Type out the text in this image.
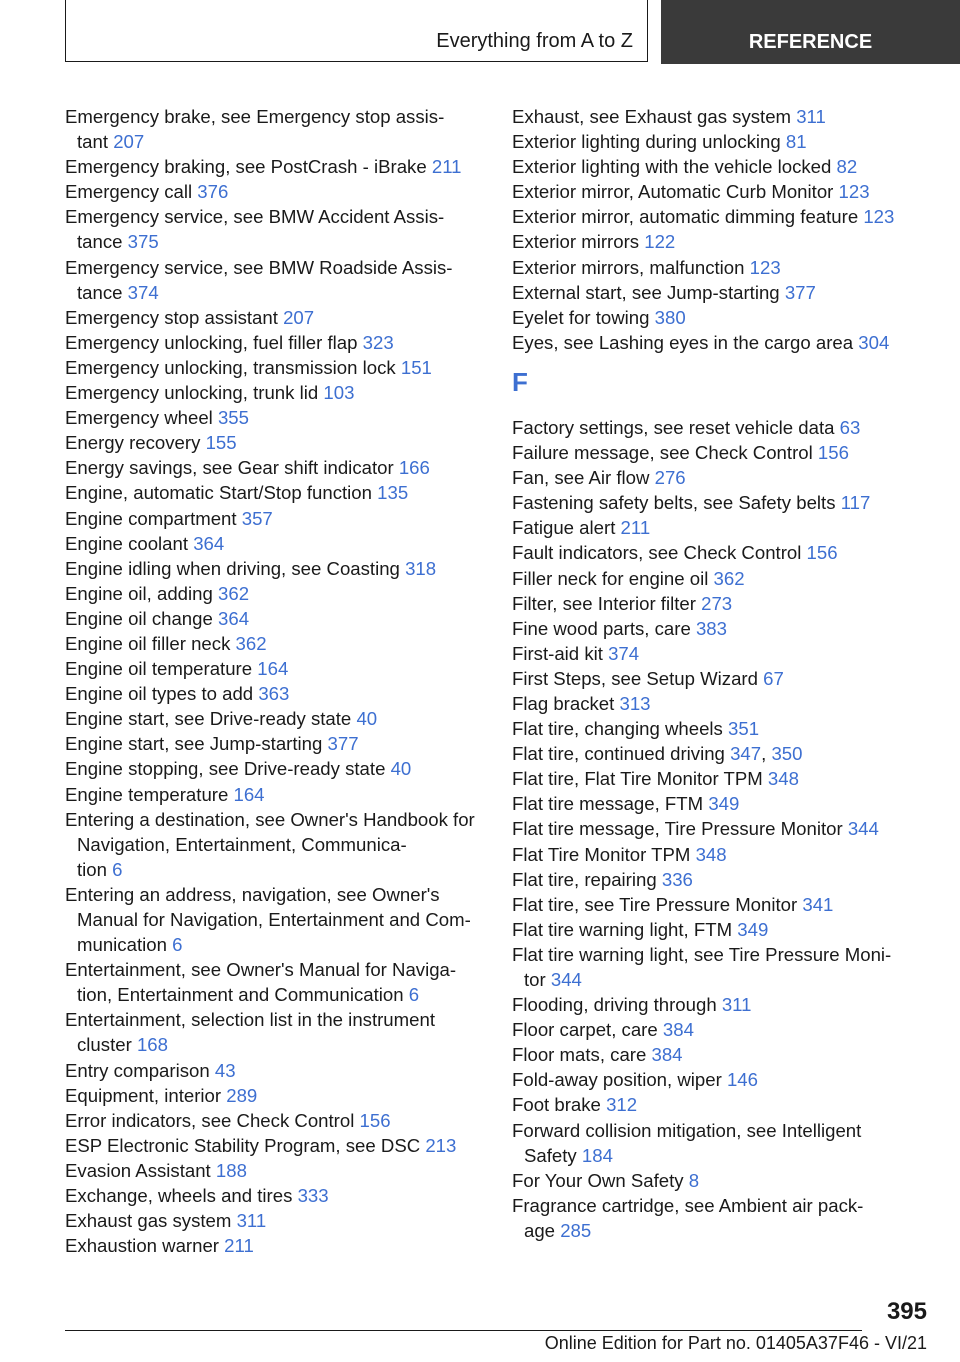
Everything from A to Z	REFERENCE
Emergency brake, see Emergency stop assis-
tant 207
Emergency braking, see PostCrash - iBrake 211
Emergency call 376
Emergency service, see BMW Accident Assis-
tance 375
Emergency service, see BMW Roadside Assis-
tance 374
Emergency stop assistant 207
Emergency unlocking, fuel filler flap 323
Emergency unlocking, transmission lock 151
Emergency unlocking, trunk lid 103
Emergency wheel 355
Energy recovery 155
Energy savings, see Gear shift indicator 166
Engine, automatic Start/Stop function 135
Engine compartment 357
Engine coolant 364
Engine idling when driving, see Coasting 318
Engine oil, adding 362
Engine oil change 364
Engine oil filler neck 362
Engine oil temperature 164
Engine oil types to add 363
Engine start, see Drive-ready state 40
Engine start, see Jump-starting 377
Engine stopping, see Drive-ready state 40
Engine temperature 164
Entering a destination, see Owner's Handbook for Navigation, Entertainment, Communica-
tion 6
Entering an address, navigation, see Owner's Manual for Navigation, Entertainment and Com-
munication 6
Entertainment, see Owner's Manual for Naviga-
tion, Entertainment and Communication 6
Entertainment, selection list in the instrument
cluster 168
Entry comparison 43
Equipment, interior 289
Error indicators, see Check Control 156
ESP Electronic Stability Program, see DSC 213
Evasion Assistant 188
Exchange, wheels and tires 333
Exhaust gas system 311
Exhaustion warner 211
Exhaust, see Exhaust gas system 311
Exterior lighting during unlocking 81
Exterior lighting with the vehicle locked 82
Exterior mirror, Automatic Curb Monitor 123
Exterior mirror, automatic dimming feature 123
Exterior mirrors 122
Exterior mirrors, malfunction 123
External start, see Jump-starting 377
Eyelet for towing 380
Eyes, see Lashing eyes in the cargo area 304
F
Factory settings, see reset vehicle data 63
Failure message, see Check Control 156
Fan, see Air flow 276
Fastening safety belts, see Safety belts 117
Fatigue alert 211
Fault indicators, see Check Control 156
Filler neck for engine oil 362
Filter, see Interior filter 273
Fine wood parts, care 383
First-aid kit 374
First Steps, see Setup Wizard 67
Flag bracket 313
Flat tire, changing wheels 351
Flat tire, continued driving 347, 350
Flat tire, Flat Tire Monitor TPM 348
Flat tire message, FTM 349
Flat tire message, Tire Pressure Monitor 344
Flat Tire Monitor TPM 348
Flat tire, repairing 336
Flat tire, see Tire Pressure Monitor 341
Flat tire warning light, FTM 349
Flat tire warning light, see Tire Pressure Moni-
tor 344
Flooding, driving through 311
Floor carpet, care 384
Floor mats, care 384
Fold-away position, wiper 146
Foot brake 312
Forward collision mitigation, see Intelligent
Safety 184
For Your Own Safety 8
Fragrance cartridge, see Ambient air pack-
age 285
395
Online Edition for Part no. 01405A37F46 - VI/21
